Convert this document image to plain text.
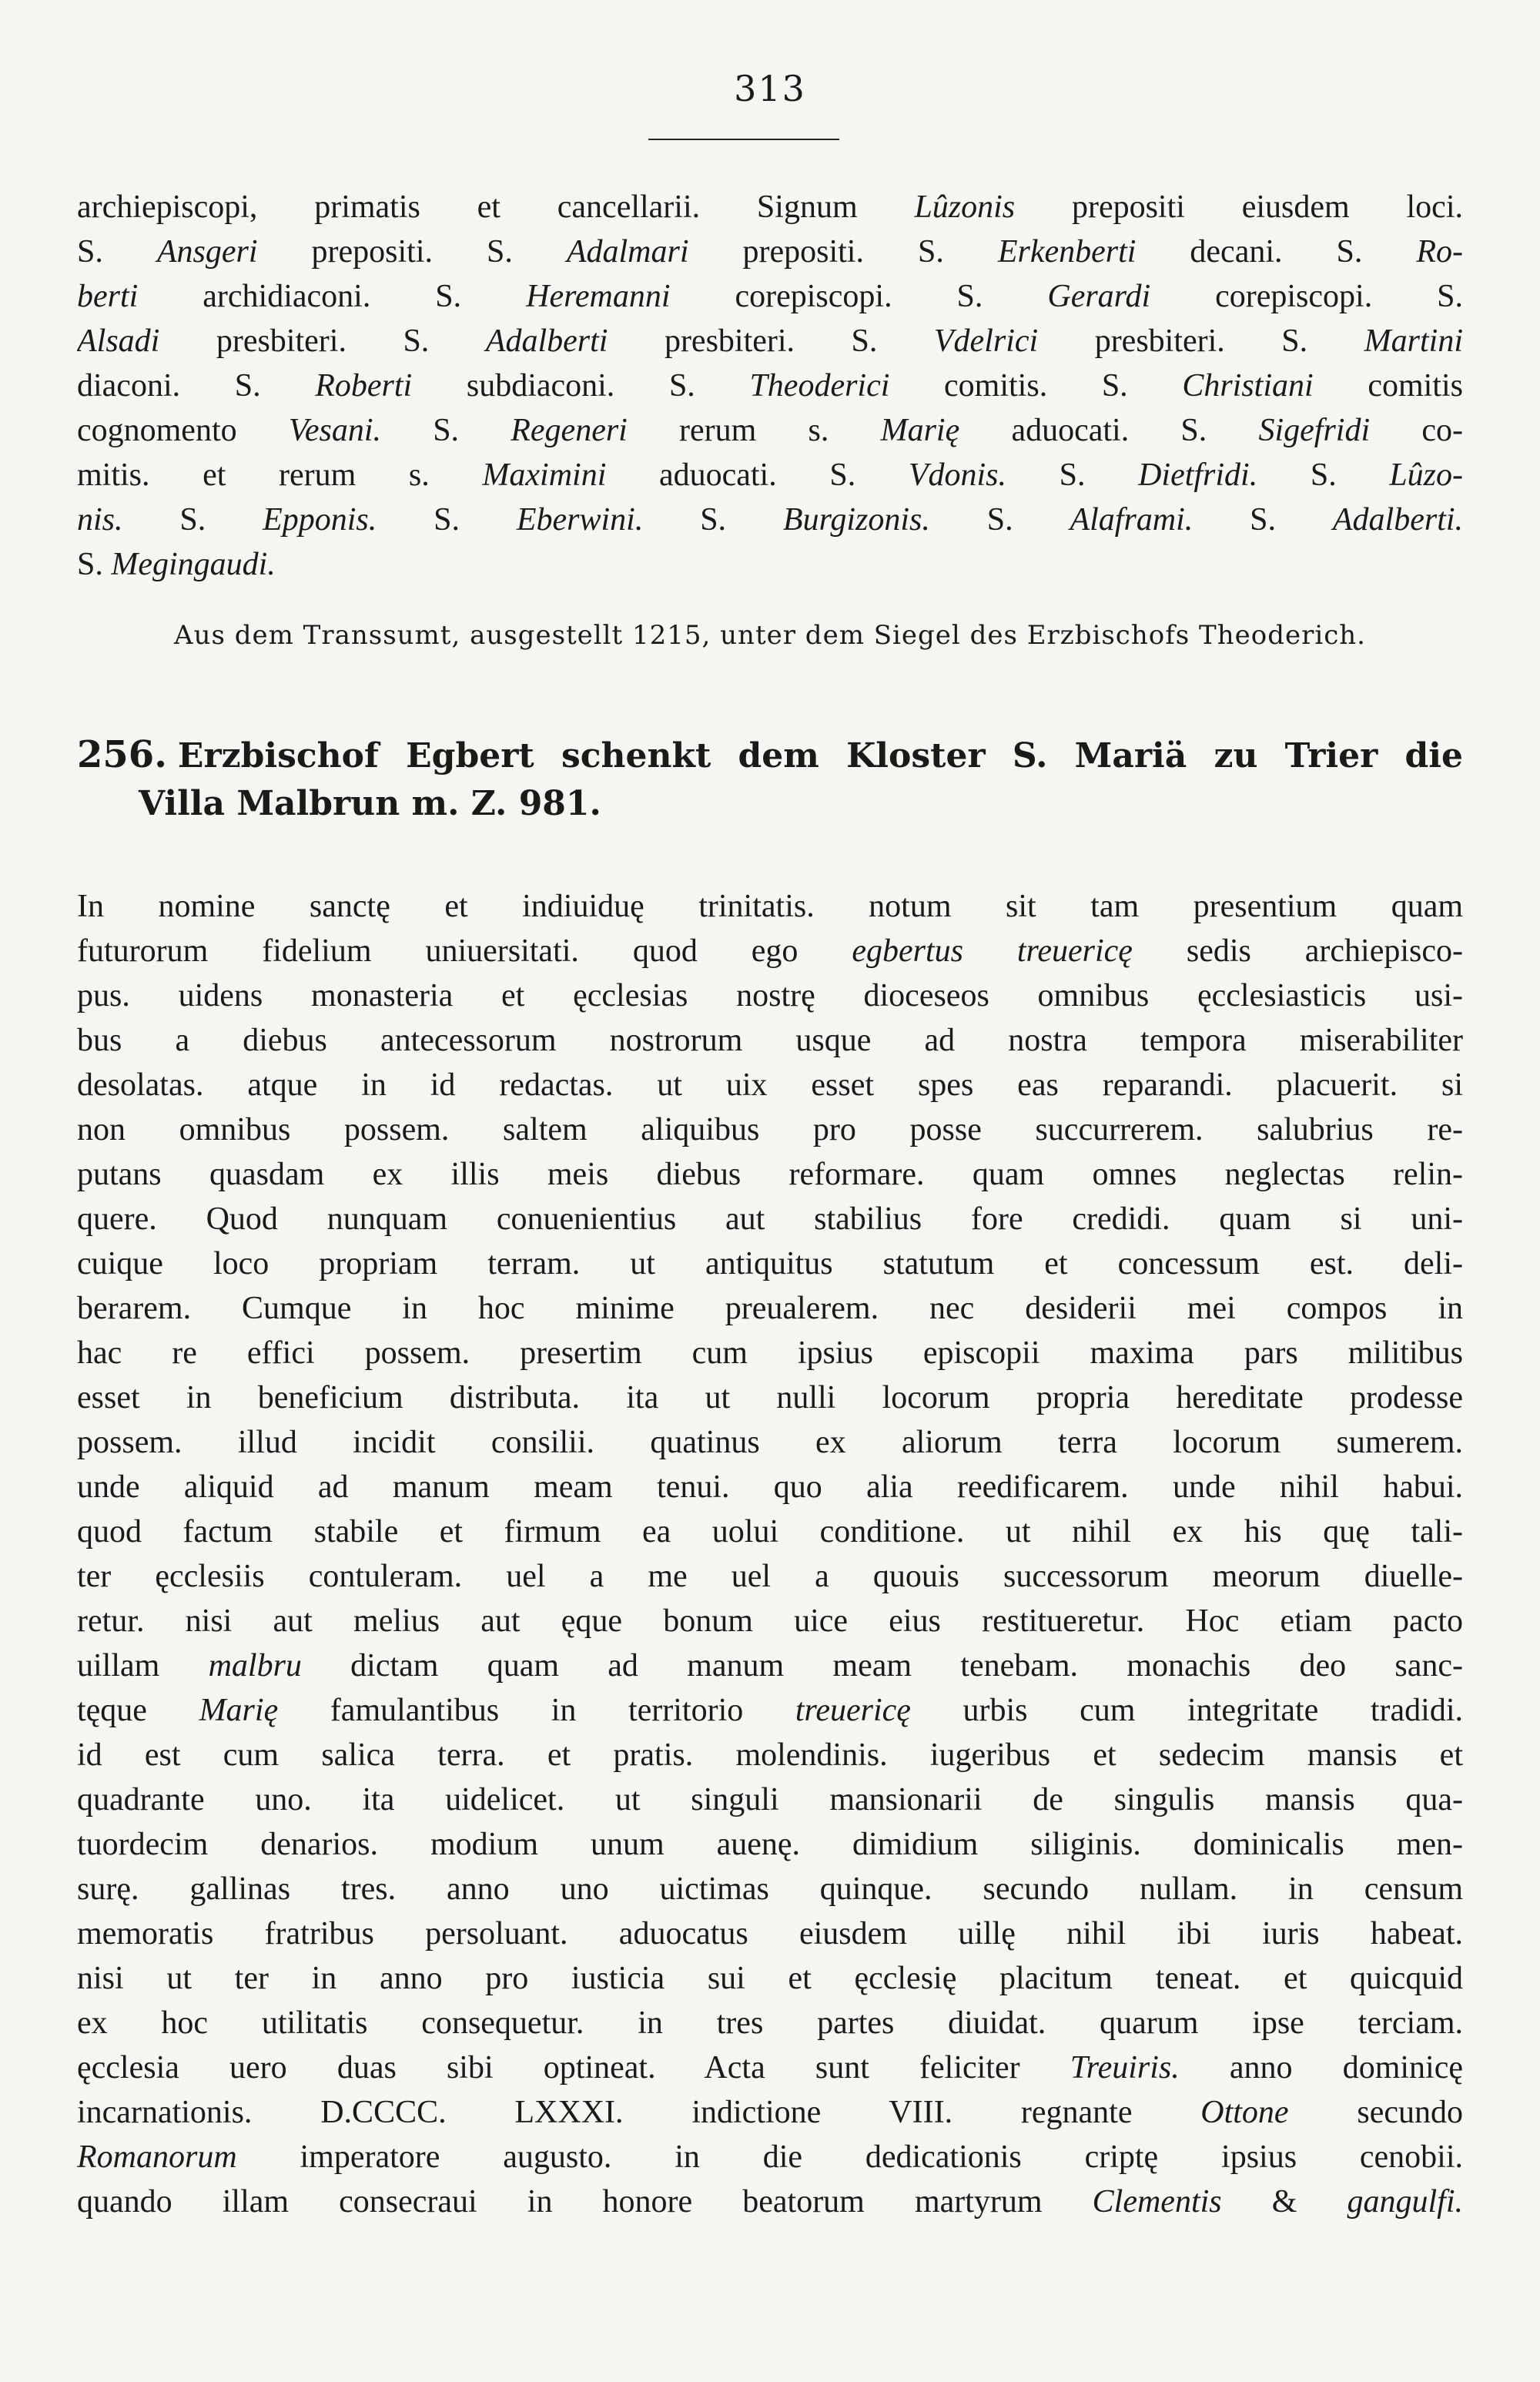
313
archiepiscopi, primatis et cancellarii. Signum Lûzonis prepositi eiusdem loci.
S. Ansgeri prepositi. S. Adalmari prepositi. S. Erkenberti decani. S. Ro-
berti archidiaconi. S. Heremanni corepiscopi. S. Gerardi corepiscopi. S.
Alsadi presbiteri. S. Adalberti presbiteri. S. Vdelrici presbiteri. S. Martini
diaconi. S. Roberti subdiaconi. S. Theoderici comitis. S. Christiani comitis
cognomento Vesani. S. Regeneri rerum s. Marię aduocati. S. Sigefridi co-
mitis. et rerum s. Maximini aduocati. S. Vdonis. S. Dietfridi. S. Lûzo-
nis. S. Epponis. S. Eberwini. S. Burgizonis. S. Alaframi. S. Adalberti.
S. Megingaudi.
Aus dem Transsumt, ausgestellt 1215, unter dem Siegel des Erzbischofs Theoderich.
256. Erzbischof Egbert schenkt dem Kloster S. Mariä zu Trier die
Villa Malbrun m. Z. 981.
In nomine sanctę et indiuiduę trinitatis. notum sit tam presentium quam
futurorum fidelium uniuersitati. quod ego egbertus treuericę sedis archiepisco-
pus. uidens monasteria et ęcclesias nostrę dioceseos omnibus ęcclesiasticis usi-
bus a diebus antecessorum nostrorum usque ad nostra tempora miserabiliter
desolatas. atque in id redactas. ut uix esset spes eas reparandi. placuerit. si
non omnibus possem. saltem aliquibus pro posse succurrerem. salubrius re-
putans quasdam ex illis meis diebus reformare. quam omnes neglectas relin-
quere. Quod nunquam conuenientius aut stabilius fore credidi. quam si uni-
cuique loco propriam terram. ut antiquitus statutum et concessum est. deli-
berarem. Cumque in hoc minime preualerem. nec desiderii mei compos in
hac re effici possem. presertim cum ipsius episcopii maxima pars militibus
esset in beneficium distributa. ita ut nulli locorum propria hereditate prodesse
possem. illud incidit consilii. quatinus ex aliorum terra locorum sumerem.
unde aliquid ad manum meam tenui. quo alia reedificarem. unde nihil habui.
quod factum stabile et firmum ea uolui conditione. ut nihil ex his quę tali-
ter ęcclesiis contuleram. uel a me uel a quouis successorum meorum diuelle-
retur. nisi aut melius aut ęque bonum uice eius restitueretur. Hoc etiam pacto
uillam malbru dictam quam ad manum meam tenebam. monachis deo sanc-
tęque Marię famulantibus in territorio treuericę urbis cum integritate tradidi.
id est cum salica terra. et pratis. molendinis. iugeribus et sedecim mansis et
quadrante uno. ita uidelicet. ut singuli mansionarii de singulis mansis qua-
tuordecim denarios. modium unum auenę. dimidium siliginis. dominicalis men-
surę. gallinas tres. anno uno uictimas quinque. secundo nullam. in censum
memoratis fratribus persoluant. aduocatus eiusdem uillę nihil ibi iuris habeat.
nisi ut ter in anno pro iusticia sui et ęcclesię placitum teneat. et quicquid
ex hoc utilitatis consequetur. in tres partes diuidat. quarum ipse terciam.
ęcclesia uero duas sibi optineat. Acta sunt feliciter Treuiris. anno dominicę
incarnationis. D.CCCC. LXXXI. indictione VIII. regnante Ottone secundo
Romanorum imperatore augusto. in die dedicationis criptę ipsius cenobii.
quando illam consecraui in honore beatorum martyrum Clementis & gangulfi.
